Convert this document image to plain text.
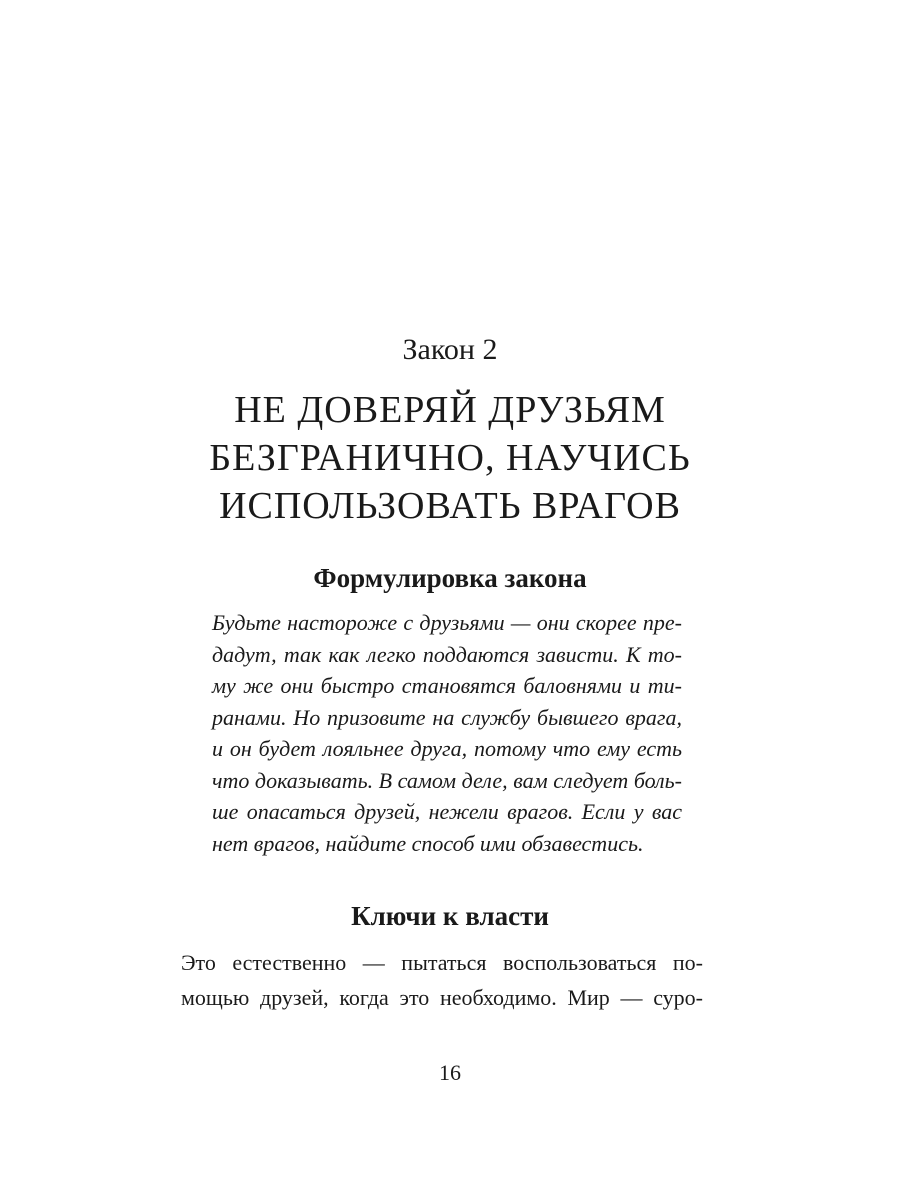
Закон 2
НЕ ДОВЕРЯЙ ДРУЗЬЯМ
БЕЗГРАНИЧНО, НАУЧИСЬ
ИСПОЛЬЗОВАТЬ ВРАГОВ
Формулировка закона
Будьте настороже с друзьями — они скорее пре-
дадут, так как легко поддаются зависти. К то-
му же они быстро становятся баловнями и ти-
ранами. Но призовите на службу бывшего врага,
и он будет лояльнее друга, потому что ему есть
что доказывать. В самом деле, вам следует боль-
ше опасаться друзей, нежели врагов. Если у вас
нет врагов, найдите способ ими обзавестись.
Ключи к власти
Это естественно — пытаться воспользоваться по-
мощью друзей, когда это необходимо. Мир — суро-
16
